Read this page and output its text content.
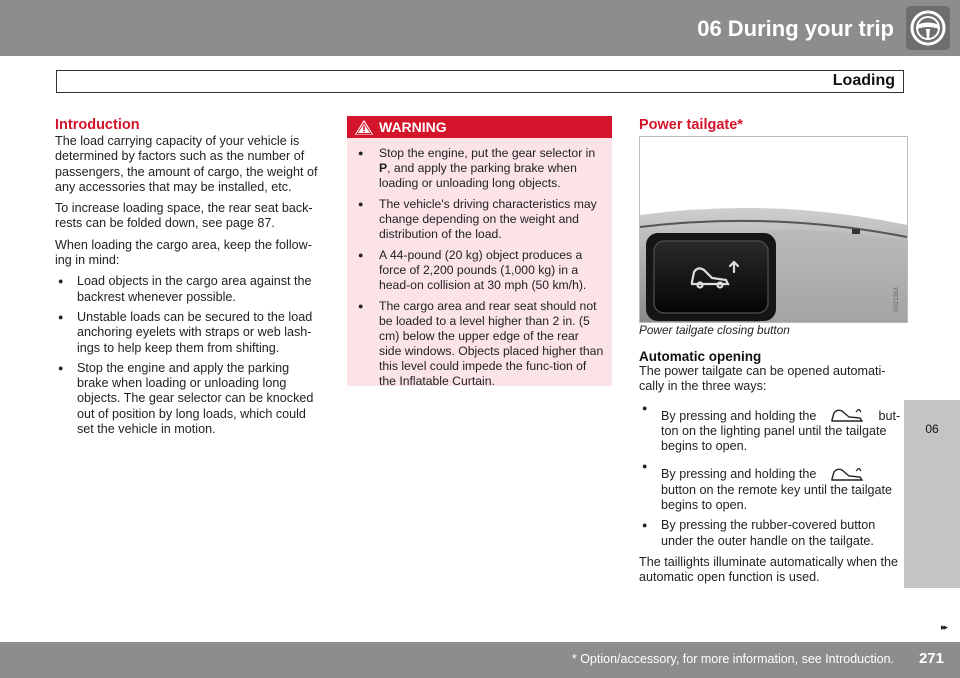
06 During your trip
Loading
06
Introduction

The load carrying capacity of your vehicle is determined by factors such as the number of passengers, the amount of cargo, the weight of any accessories that may be installed, etc.

To increase loading space, the rear seat back-rests can be folded down, see page 87.

When loading the cargo area, keep the follow-ing in mind:

● Load objects in the cargo area against the backrest whenever possible.
● Unstable loads can be secured to the load anchoring eyelets with straps or web lash-ings to help keep them from shifting.
● Stop the engine and apply the parking brake when loading or unloading long objects. The gear selector can be knocked out of position by long loads, which could set the vehicle in motion.
WARNING
● Stop the engine, put the gear selector in P, and apply the parking brake when loading or unloading long objects.
● The vehicle's driving characteristics may change depending on the weight and distribution of the load.
● A 44-pound (20 kg) object produces a force of 2,200 pounds (1,000 kg) in a head-on collision at 30 mph (50 km/h).
● The cargo area and rear seat should not be loaded to a level higher than 2 in. (5 cm) below the upper edge of the rear side windows. Objects placed higher than this level could impede the func-tion of the Inflatable Curtain.
Power tailgate*
G021363
Power tailgate closing button
Automatic opening

The power tailgate can be opened automati-cally in the three ways:

● By pressing and holding the	but-ton on the lighting panel until the tailgate begins to open.
● By pressing and holding thebutton on the remote key until the tailgate begins to open.
● By pressing the rubber-covered button under the outer handle on the tailgate.

The taillights illuminate automatically when the automatic open function is used.

▸▸
* Option/accessory, for more information, see Introduction. 271
